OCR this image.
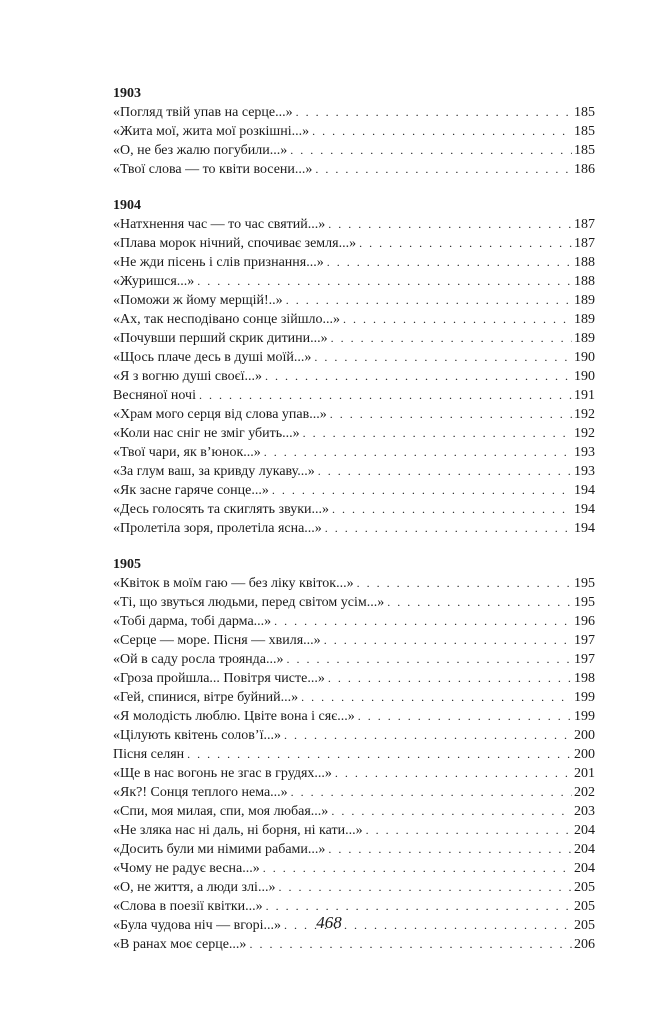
1903
«Погляд твій упав на серце...» . . .	185
«Жита мої, жита мої розкішні...» . . .	185
«О, не без жалю погубили...» . . .	185
«Твої слова — то квіти восени...» . . .	186
1904
«Натхнення час — то час святий...» . . .	187
«Плава морок нічний, спочиває земля...» . . .	187
«Не жди пісень і слів признання...» . . .	188
«Журишся...» . . .	188
«Поможи ж йому мерщій!..» . . .	189
«Ах, так несподівано сонце зійшло...» . . .	189
«Почувши перший скрик дитини...» . . .	189
«Щось плаче десь в душі моїй...» . . .	190
«Я з вогню душі своєї...» . . .	190
Весняної ночі . . .	191
«Храм мого серця від слова упав...» . . .	192
«Коли нас сніг не зміг убить...» . . .	192
«Твої чари, як в’юнок...» . . .	193
«За глум ваш, за кривду лукаву...» . . .	193
«Як засне гаряче сонце...» . . .	194
«Десь голосять та скиглять звуки...» . . .	194
«Пролетіла зоря, пролетіла ясна...» . . .	194
1905
«Квіток в моїм гаю — без ліку квіток...» . . .	195
«Ті, що звуться людьми, перед світом усім...» . . .	195
«Тобі дарма, тобі дарма...» . . .	196
«Серце — море. Пісня — хвиля...» . . .	197
«Ой в саду росла троянда...» . . .	197
«Гроза пройшла... Повітря чисте...» . . .	198
«Гей, спинися, вітре буйний...» . . .	199
«Я молодість люблю. Цвіте вона і сяє...» . . .	199
«Цілують квітень солов’ї...» . . .	200
Пісня селян . . .	200
«Ще в нас вогонь не згас в грудях...» . . .	201
«Як?! Сонця теплого нема...» . . .	202
«Спи, моя милая, спи, моя любая...» . . .	203
«Не зляка нас ні даль, ні борня, ні кати...» . . .	204
«Досить були ми німими рабами...» . . .	204
«Чому не радує весна...» . . .	204
«О, не життя, а люди злі...» . . .	205
«Слова в поезії квітки...» . . .	205
«Була чудова ніч — вгорі...» . . .	205
«В ранах моє серце...» . . .	206
468
